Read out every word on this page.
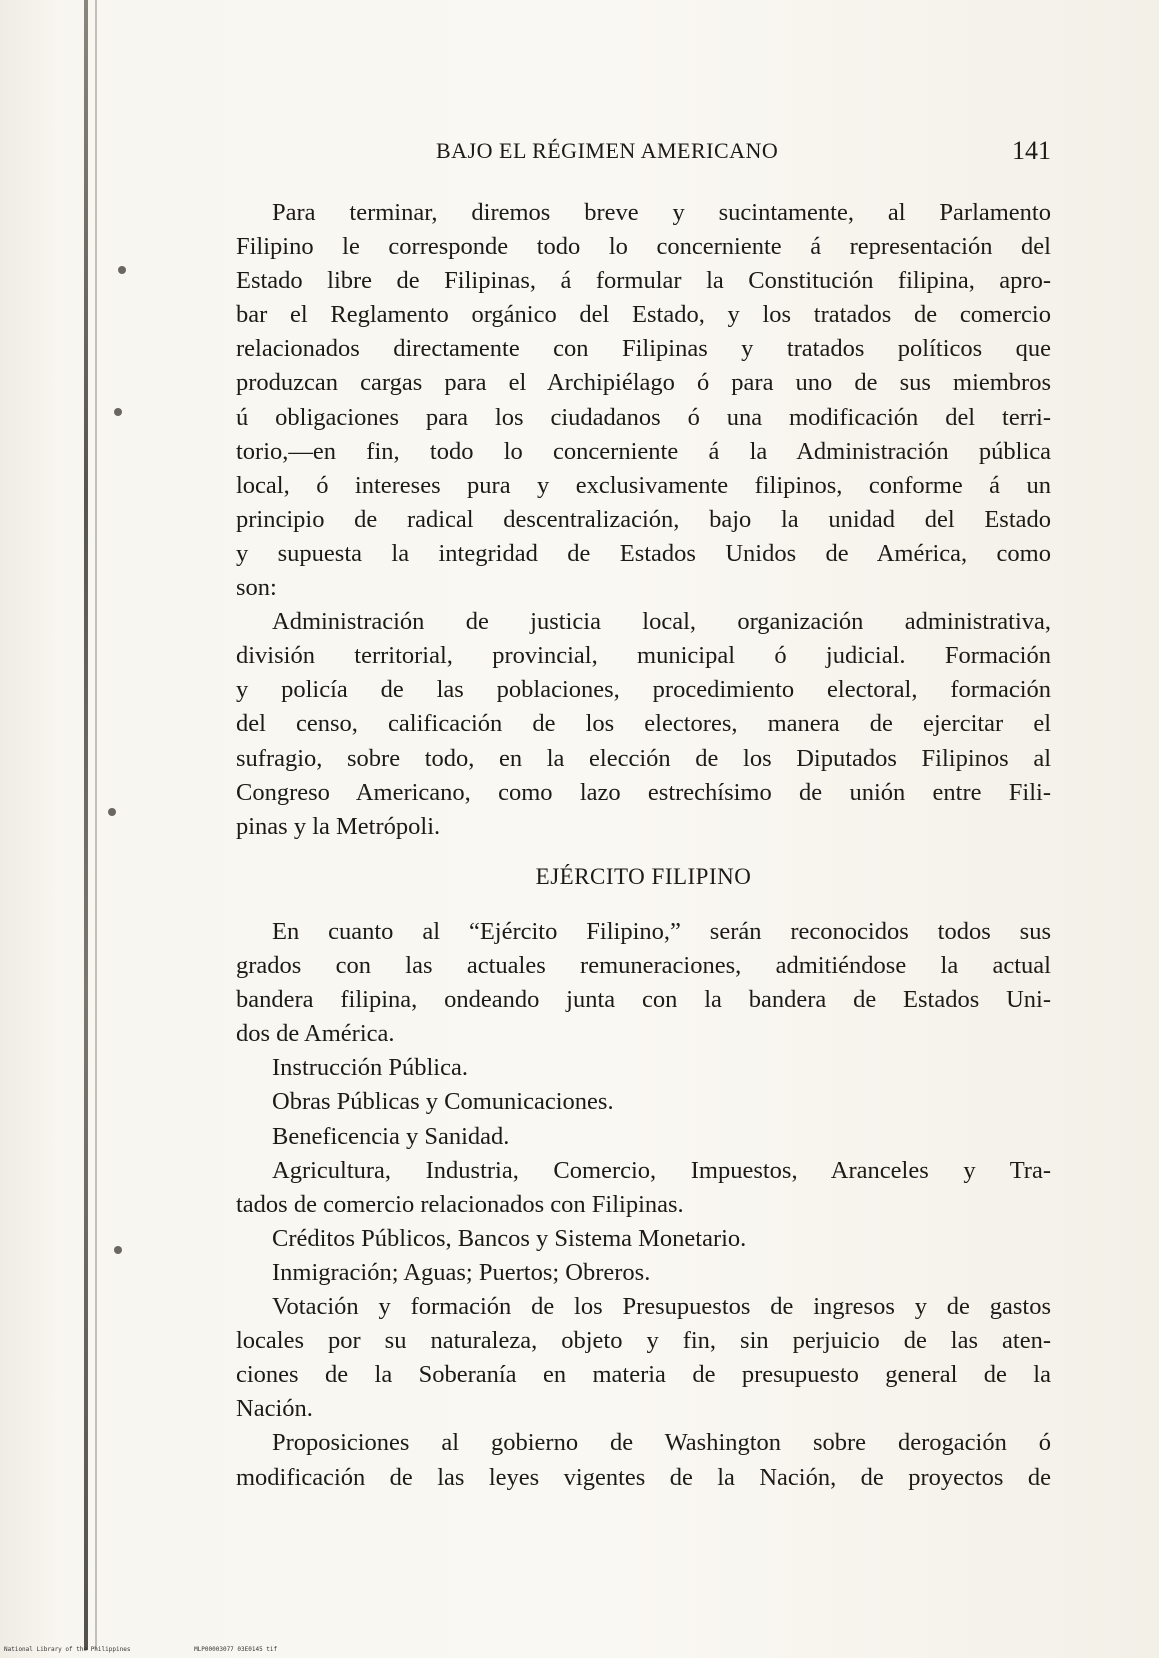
BAJO EL RÉGIMEN AMERICANO	141
Para terminar, diremos breve y sucintamente, al Parlamento
Filipino le corresponde todo lo concerniente á representación del
Estado libre de Filipinas, á formular la Constitución filipina, apro-
bar el Reglamento orgánico del Estado, y los tratados de comercio
relacionados directamente con Filipinas y tratados políticos que
produzcan cargas para el Archipiélago ó para uno de sus miembros
ú obligaciones para los ciudadanos ó una modificación del terri-
torio,—en fin, todo lo concerniente á la Administración pública
local, ó intereses pura y exclusivamente filipinos, conforme á un
principio de radical descentralización, bajo la unidad del Estado
y supuesta la integridad de Estados Unidos de América, como
son:
Administración de justicia local, organización administrativa,
división territorial, provincial, municipal ó judicial. Formación
y policía de las poblaciones, procedimiento electoral, formación
del censo, calificación de los electores, manera de ejercitar el
sufragio, sobre todo, en la elección de los Diputados Filipinos al
Congreso Americano, como lazo estrechísimo de unión entre Fili-
pinas y la Metrópoli.
EJÉRCITO FILIPINO
En cuanto al “Ejército Filipino,” serán reconocidos todos sus
grados con las actuales remuneraciones, admitiéndose la actual
bandera filipina, ondeando junta con la bandera de Estados Uni-
dos de América.
Instrucción Pública.
Obras Públicas y Comunicaciones.
Beneficencia y Sanidad.
Agricultura, Industria, Comercio, Impuestos, Aranceles y Tra-
tados de comercio relacionados con Filipinas.
Créditos Públicos, Bancos y Sistema Monetario.
Inmigración; Aguas; Puertos; Obreros.
Votación y formación de los Presupuestos de ingresos y de gastos
locales por su naturaleza, objeto y fin, sin perjuicio de las aten-
ciones de la Soberanía en materia de presupuesto general de la
Nación.
Proposiciones al gobierno de Washington sobre derogación ó
modificación de las leyes vigentes de la Nación, de proyectos de
National Library of the Philippines	MLP00003077 03E0145 tif
